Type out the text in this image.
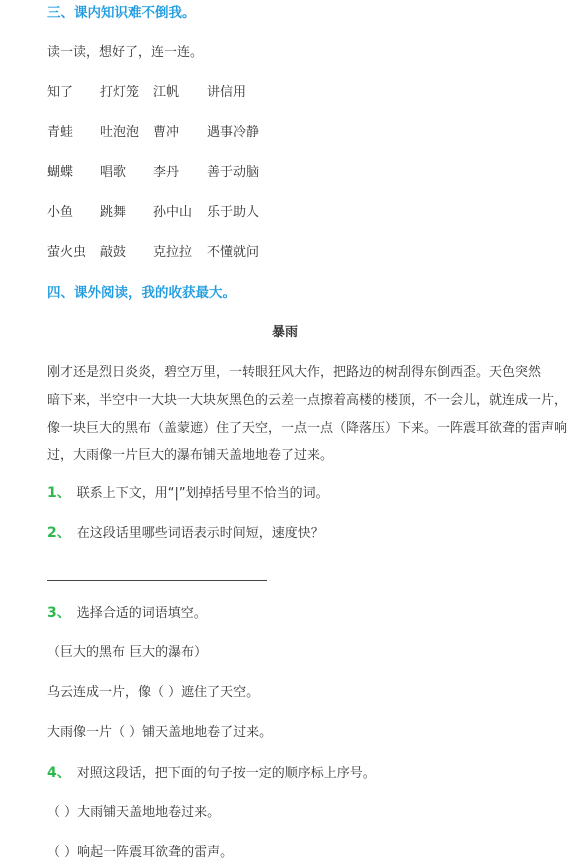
三、课内知识难不倒我。
读一读，想好了，连一连。
知了 打灯笼 江帆 讲信用
青蛙 吐泡泡 曹冲 遇事冷静
蝴蝶 唱歌 李丹 善于动脑
小鱼 跳舞 孙中山 乐于助人
萤火虫 敲鼓 克拉拉 不懂就问
四、课外阅读，我的收获最大。
暴雨
刚才还是烈日炎炎，碧空万里，一转眼狂风大作，把路边的树刮得东倒西歪。天色突然
暗下来，半空中一大块一大块灰黑色的云差一点擦着高楼的楼顶，不一会儿，就连成一片，
像一块巨大的黑布（盖蒙遮）住了天空，一点一点（降落压）下来。一阵震耳欲聋的雷声响
过，大雨像一片巨大的瀑布铺天盖地地卷了过来。
1、 联系上下文，用“|”划掉括号里不恰当的词。
2、 在这段话里哪些词语表示时间短，速度快？
3、 选择合适的词语填空。
（巨大的黑布 巨大的瀑布）
乌云连成一片，像（ ）遮住了天空。
大雨像一片（ ）铺天盖地地卷了过来。
4、 对照这段话，把下面的句子按一定的顺序标上序号。
（ ）大雨铺天盖地地卷过来。
（ ）响起一阵震耳欲聋的雷声。
